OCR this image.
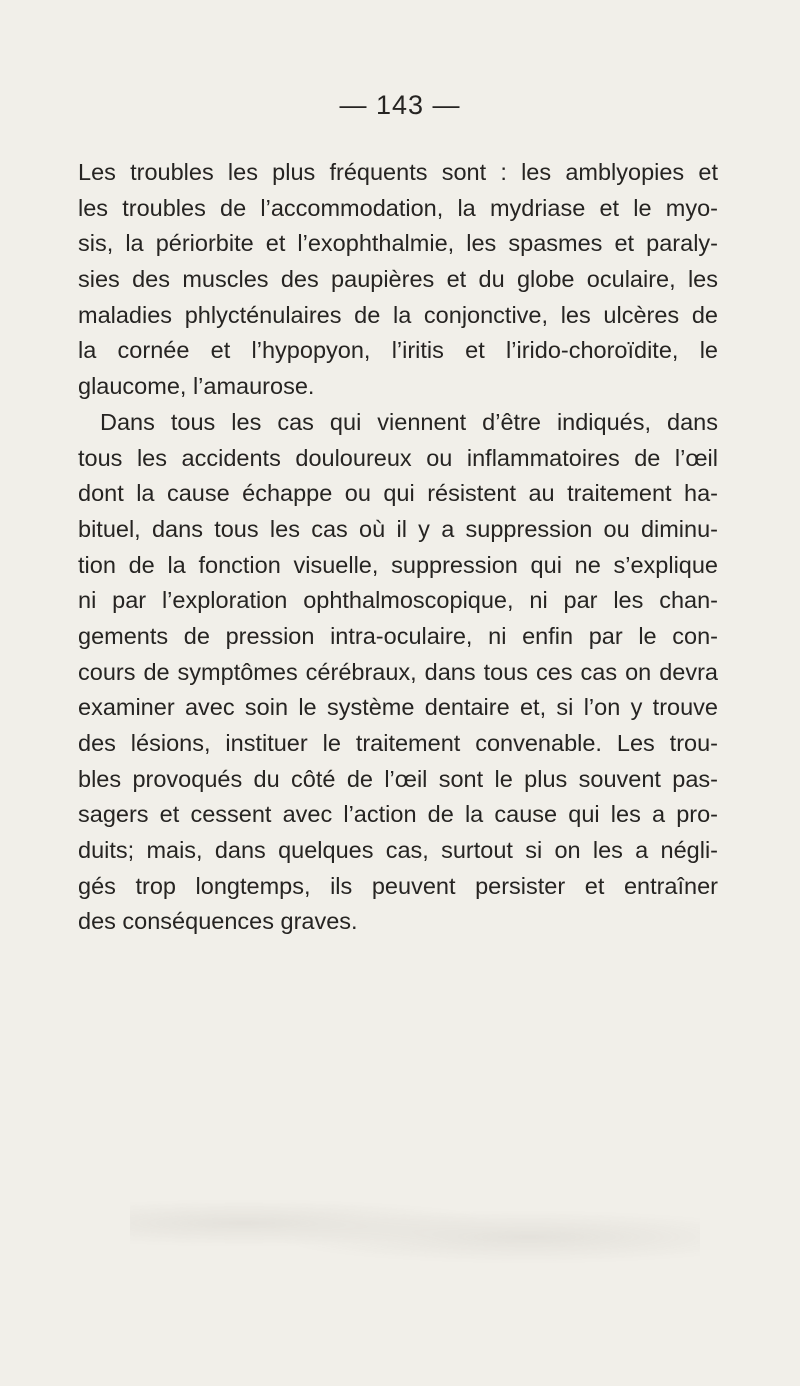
— 143 —
Les troubles les plus fréquents sont : les amblyopies et
les troubles de l’accommodation, la mydriase et le myo-
sis, la périorbite et l’exophthalmie, les spasmes et paraly-
sies des muscles des paupières et du globe oculaire, les
maladies phlycténulaires de la conjonctive, les ulcères de
la cornée et l’hypopyon, l’iritis et l’irido-choroïdite, le
glaucome, l’amaurose.
Dans tous les cas qui viennent d’être indiqués, dans
tous les accidents douloureux ou inflammatoires de l’œil
dont la cause échappe ou qui résistent au traitement ha-
bituel, dans tous les cas où il y a suppression ou diminu-
tion de la fonction visuelle, suppression qui ne s’explique
ni par l’exploration ophthalmoscopique, ni par les chan-
gements de pression intra-oculaire, ni enfin par le con-
cours de symptômes cérébraux, dans tous ces cas on devra
examiner avec soin le système dentaire et, si l’on y trouve
des lésions, instituer le traitement convenable. Les trou-
bles provoqués du côté de l’œil sont le plus souvent pas-
sagers et cessent avec l’action de la cause qui les a pro-
duits; mais, dans quelques cas, surtout si on les a négli-
gés trop longtemps, ils peuvent persister et entraîner
des conséquences graves.
